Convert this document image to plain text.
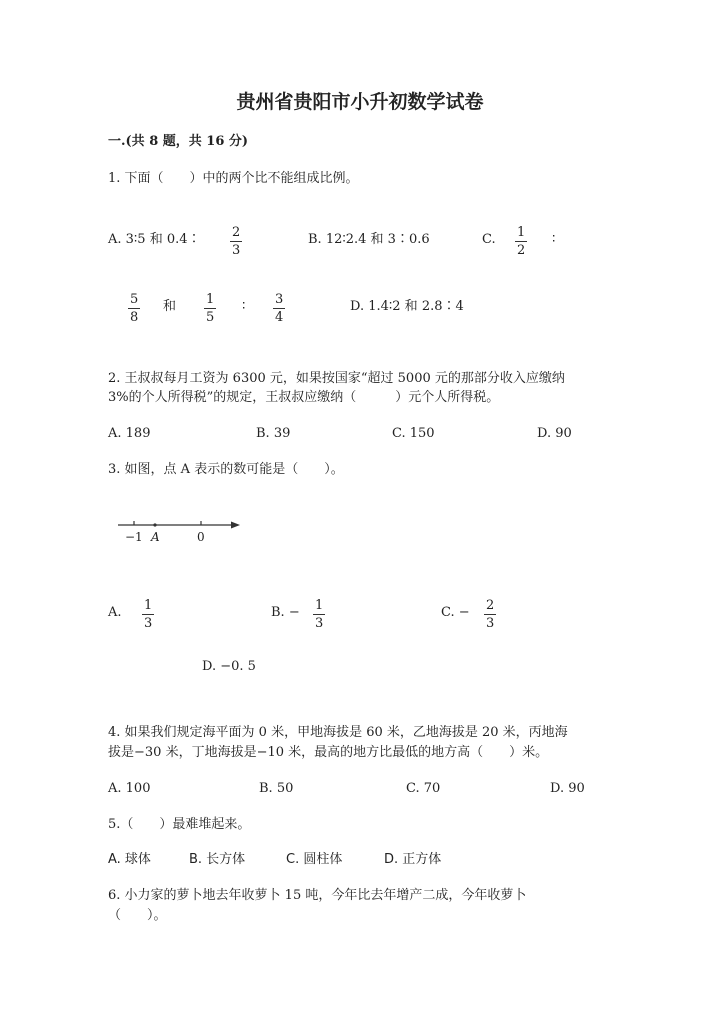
贵州省贵阳市小升初数学试卷
一.(共 8 题，共 16 分)
1. 下面（　　）中的两个比不能组成比例。
A. 3∶5 和 0.4∶ $\frac{2}{3}$	B. 12∶2.4 和 3∶0.6	C. $\frac{1}{2}$ ∶
$\frac{5}{8}$ 和 $\frac{1}{5}$ ∶ $\frac{3}{4}$	D. 1.4∶2 和 2.8∶4
2. 王叔叔每月工资为 6300 元，如果按国家“超过 5000 元的那部分收入应缴纳
3%的个人所得税”的规定，王叔叔应缴纳（　　　）元个人所得税。
A. 189	B. 39	C. 150	D. 90
3. 如图，点 A 表示的数可能是（　　）。
−1 A	0
A. $\frac{1}{3}$	B. − $\frac{1}{3}$	C. − $\frac{2}{3}$
D. −0. 5
4. 如果我们规定海平面为 0 米，甲地海拔是 60 米，乙地海拔是 20 米，丙地海
拔是−30 米，丁地海拔是−10 米，最高的地方比最低的地方高（　　）米。
A. 100	B. 50	C. 70	D. 90
5.（　　）最难堆起来。
A. 球体	B. 长方体	C. 圆柱体	D. 正方体
6. 小力家的萝卜地去年收萝卜 15 吨，今年比去年增产二成，今年收萝卜
（　　）。
